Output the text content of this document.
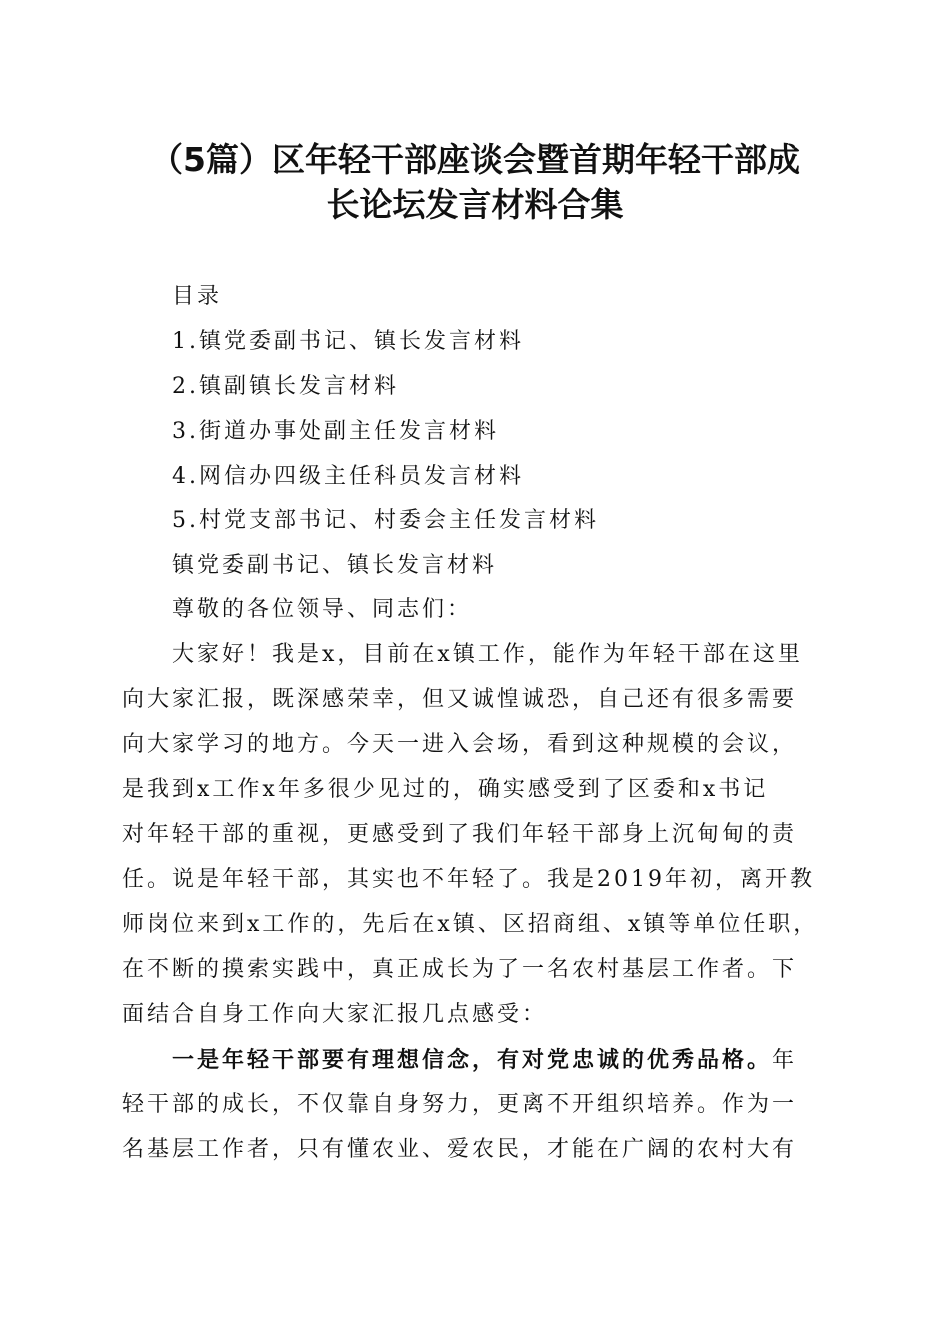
（5篇）区年轻干部座谈会暨首期年轻干部成
长论坛发言材料合集
目录
1.镇党委副书记、镇长发言材料
2.镇副镇长发言材料
3.街道办事处副主任发言材料
4.网信办四级主任科员发言材料
5.村党支部书记、村委会主任发言材料
镇党委副书记、镇长发言材料
尊敬的各位领导、同志们：
大家好！我是x，目前在x镇工作，能作为年轻干部在这里
向大家汇报，既深感荣幸，但又诚惶诚恐，自己还有很多需要
向大家学习的地方。今天一进入会场，看到这种规模的会议，
是我到x工作x年多很少见过的，确实感受到了区委和x书记
对年轻干部的重视，更感受到了我们年轻干部身上沉甸甸的责
任。说是年轻干部，其实也不年轻了。我是2019年初，离开教
师岗位来到x工作的，先后在x镇、区招商组、x镇等单位任职，
在不断的摸索实践中，真正成长为了一名农村基层工作者。下
面结合自身工作向大家汇报几点感受：
一是年轻干部要有理想信念，有对党忠诚的优秀品格。年
轻干部的成长，不仅靠自身努力，更离不开组织培养。作为一
名基层工作者，只有懂农业、爱农民，才能在广阔的农村大有
